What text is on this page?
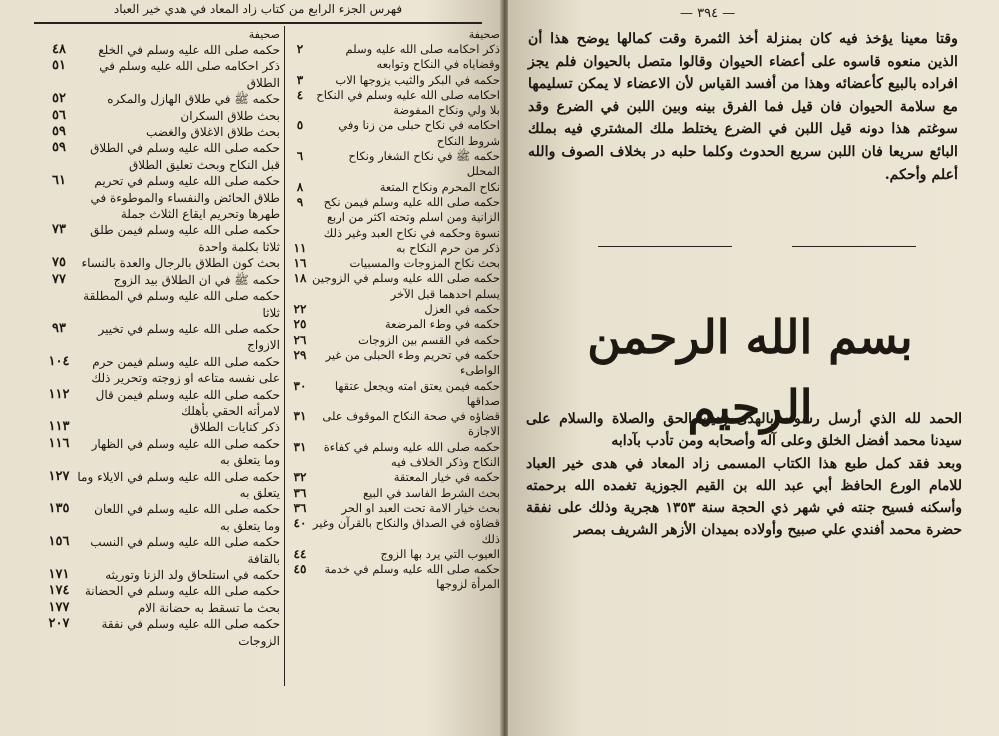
فهرس الجزء الرابع من كتاب زاد المعاد في هدي خير العباد
صحيفة
ذكر احكامه صلى الله عليه وسلم وقضاياه في النكاح وتوابعه
٢
حكمه في البكر والثيب يزوجها الاب
٣
احكامه صلى الله عليه وسلم في النكاح بلا ولي ونكاح المفوضة
٤
احكامه في نكاح حبلى من زنا وفي شروط النكاح
٥
حكمه ﷺ في نكاح الشغار ونكاح المحلل
٦
نكاح المحرم ونكاح المتعة
٨
حكمه صلى الله عليه وسلم فيمن نكح الزانية ومن اسلم وتحته اكثر من اربع نسوة وحكمه في نكاح العبد وغير ذلك
٩
ذكر من حرم النكاح به
١١
بحث نكاح المزوجات والمسبيات
١٦
حكمه صلى الله عليه وسلم في الزوجين يسلم احدهما قبل الآخر
١٨
حكمه في العزل
٢٢
حكمه في وطء المرضعة
٢٥
حكمه في القسم بين الزوجات
٢٦
حكمه في تحريم وطء الحبلى من غير الواطىء
٢٩
حكمه فيمن يعتق امته ويجعل عتقها صداقها
٣٠
قضاؤه في صحة النكاح الموقوف على الاجازة
٣١
حكمه صلى الله عليه وسلم في كفاءة النكاح وذكر الخلاف فيه
٣١
حكمه في خيار المعتقة
٣٢
بحث الشرط الفاسد في البيع
٣٦
بحث خيار الامة تحت العبد او الحر
٣٦
قضاؤه في الصداق والنكاح بالقرآن وغير ذلك
٤٠
العيوب التي يرد بها الزوج
٤٤
حكمه صلى الله عليه وسلم في خدمة المرأة لزوجها
٤٥
صحيفة
حكمه صلى الله عليه وسلم في الخلع
٤٨
ذكر احكامه صلى الله عليه وسلم في الطلاق
٥١
حكمه ﷺ في طلاق الهازل والمكره
٥٢
بحث طلاق السكران
٥٦
بحث طلاق الاغلاق والغضب
٥٩
حكمه صلى الله عليه وسلم في الطلاق قبل النكاح وبحث تعليق الطلاق
٥٩
حكمه صلى الله عليه وسلم في تحريم طلاق الحائض والنفساء والموطوءة في طهرها وتحريم ايقاع الثلاث جملة
٦١
حكمه صلى الله عليه وسلم فيمن طلق ثلاثا بكلمة واحدة
٧٣
بحث كون الطلاق بالرجال والعدة بالنساء
٧٥
حكمه ﷺ في ان الطلاق بيد الزوج
٧٧
حكمه صلى الله عليه وسلم في المطلقة ثلاثا
حكمه صلى الله عليه وسلم في تخيير الازواج
٩٣
حكمه صلى الله عليه وسلم فيمن حرم على نفسه متاعه او زوجته وتحرير ذلك
١٠٤
حكمه صلى الله عليه وسلم فيمن قال لامرأته الحقي بأهلك
١١٢
ذكر كنايات الطلاق
١١٣
حكمه صلى الله عليه وسلم في الظهار وما يتعلق به
١١٦
حكمه صلى الله عليه وسلم في الايلاء وما يتعلق به
١٢٧
حكمه صلى الله عليه وسلم في اللعان وما يتعلق به
١٣٥
حكمه صلى الله عليه وسلم في النسب بالقافة
١٥٦
حكمه في استلحاق ولد الزنا وتوريثه
١٧١
حكمه صلى الله عليه وسلم في الحضانة
١٧٤
بحث ما تسقط به حضانة الام
١٧٧
حكمه صلى الله عليه وسلم في نفقة الزوجات
٢٠٧
— ٣٩٤ —
وقتا معينا يؤخذ فيه كان بمنزلة أخذ الثمرة وقت كمالها يوضح هذا أن الذين منعوه قاسوه على أعضاء الحيوان وقالوا متصل بالحيوان فلم يجز افراده بالبيع كأعضائه وهذا من أفسد القياس لأن الاعضاء لا يمكن تسليمها مع سلامة الحيوان فان قيل فما الفرق بينه وبين اللبن في الضرع وقد سوغتم هذا دونه قيل اللبن في الضرع يختلط ملك المشتري فيه بملك البائع سريعا فان اللبن سريع الحدوث وكلما حلبه در بخلاف الصوف والله أعلم وأحكم.
بسم الله الرحمن الرحيم

الحمد لله الذي أرسل رسوله بالهدى ودين الحق والصلاة والسلام على سيدنا محمد أفضل الخلق وعلى آله وأصحابه ومن تأدب بآدابه

وبعد فقد كمل طبع هذا الكتاب المسمى زاد المعاد في هدى خير العباد للامام الورع الحافظ أبي عبد الله بن القيم الجوزية تغمده الله برحمته وأسكنه فسيح جنته في شهر ذي الحجة سنة ١٣٥٣ هجرية وذلك على نفقة حضرة محمد أفندي علي صبيح وأولاده بميدان الأزهر الشريف بمصر
